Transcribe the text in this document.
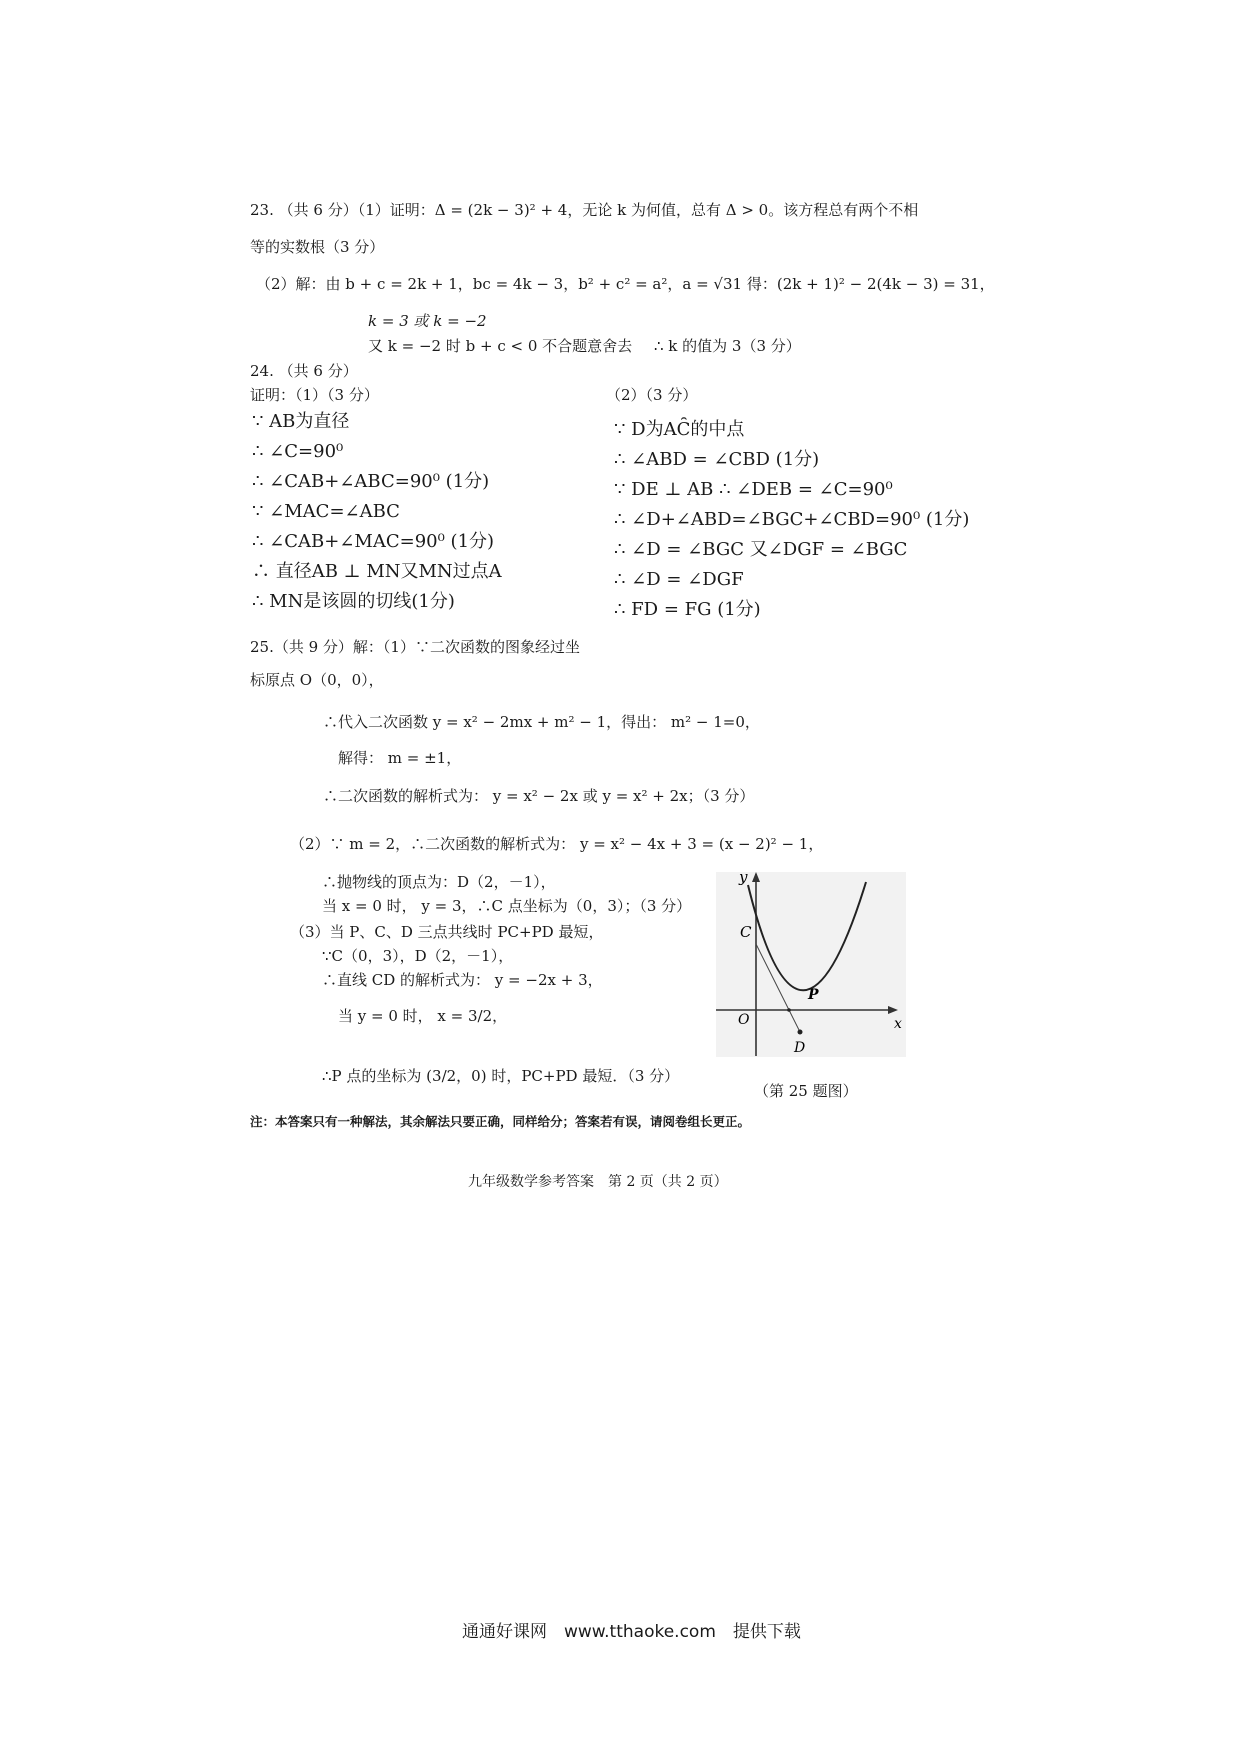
23. （共 6 分）（1）证明：Δ = (2k − 3)² + 4，无论 k 为何值，总有 Δ > 0。该方程总有两个不相
等的实数根（3 分）
（2）解：由 b + c = 2k + 1，bc = 4k − 3，b² + c² = a²，a = √31 得：(2k + 1)² − 2(4k − 3) = 31，
k = 3 或 k = −2
又 k = −2 时 b + c < 0 不合题意舍去 ∴ k 的值为 3（3 分）
24. （共 6 分）
证明：（1）（3 分）	（2）（3 分）
∵ AB为直径
∴ ∠C=90⁰
∴ ∠CAB+∠ABC=90⁰ (1分)
∵ ∠MAC=∠ABC
∴ ∠CAB+∠MAC=90⁰ (1分)
∴ 直径AB ⊥ MN又MN过点A
∴ MN是该圆的切线(1分)
∵ D为AC̑的中点
∴ ∠ABD = ∠CBD (1分)
∵ DE ⊥ AB ∴ ∠DEB = ∠C=90⁰
∴ ∠D+∠ABD=∠BGC+∠CBD=90⁰ (1分)
∴ ∠D = ∠BGC 又∠DGF = ∠BGC
∴ ∠D = ∠DGF
∴ FD = FG (1分)
25.（共 9 分）解：（1）∵二次函数的图象经过坐
标原点 O（0，0），
∴代入二次函数 y = x² − 2mx + m² − 1，得出： m² − 1=0，
解得： m = ±1，
∴二次函数的解析式为： y = x² − 2x 或 y = x² + 2x；（3 分）
（2）∵ m = 2，∴二次函数的解析式为： y = x² − 4x + 3 = (x − 2)² − 1，
∴抛物线的顶点为：D（2，－1），
当 x = 0 时， y = 3，∴C 点坐标为（0，3）；（3 分）
（3）当 P、C、D 三点共线时 PC+PD 最短，
∵C（0，3），D（2，－1），
∴直线 CD 的解析式为： y = −2x + 3，
当 y = 0 时， x = 3/2，
∴P 点的坐标为 (3/2，0) 时，PC+PD 最短．（3 分）
y
x
O
C
P
D
（第 25 题图）
注：本答案只有一种解法，其余解法只要正确，同样给分；答案若有误，请阅卷组长更正。
九年级数学参考答案　第 2 页（共 2 页）
通通好课网　www.tthaoke.com　提供下载
